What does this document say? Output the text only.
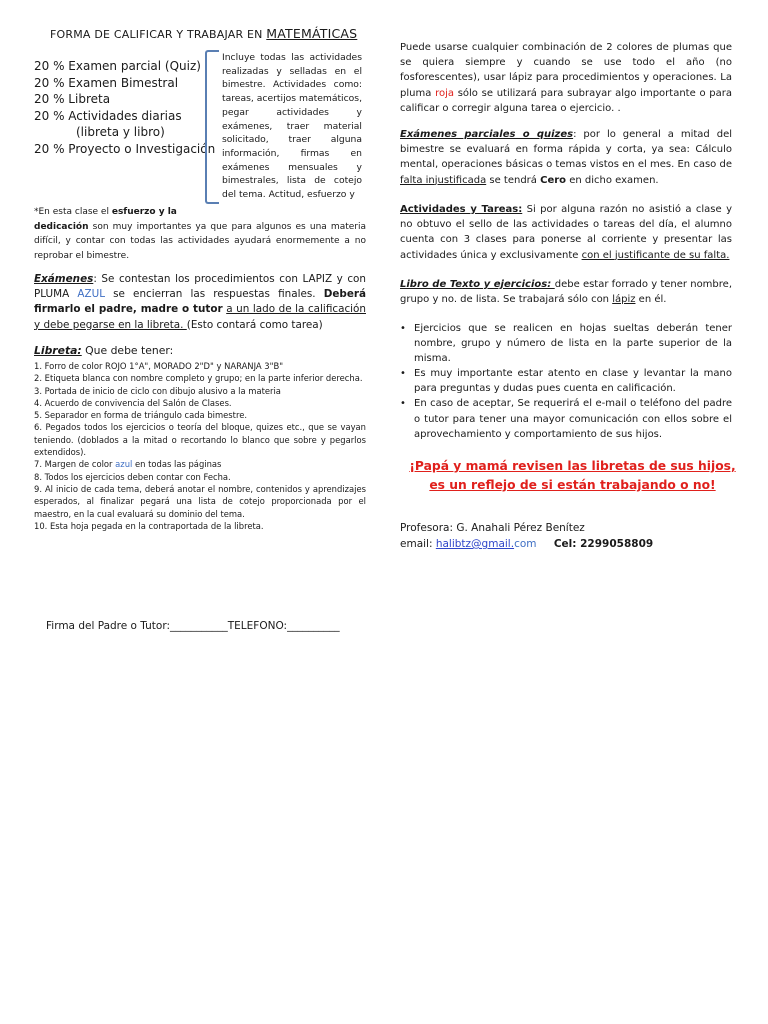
FORMA DE CALIFICAR Y TRABAJAR EN MATEMÁTICAS
20 % Examen parcial (Quiz)
20 % Examen Bimestral
20 % Libreta
20 % Actividades diarias
(libreta y libro)
20 % Proyecto o Investigación
Incluye todas las actividades realizadas y selladas en el bimestre. Actividades como: tareas, acertijos matemáticos, pegar actividades y exámenes, traer material solicitado, traer alguna información, firmas en exámenes mensuales y bimestrales, lista de cotejo del tema. Actitud, esfuerzo y
*En esta clase el esfuerzo y la
dedicación son muy importantes ya que para algunos es una materia difícil, y contar con todas las actividades ayudará enormemente a no reprobar el bimestre.
Exámenes: Se contestan los procedimientos con LAPIZ y con PLUMA AZUL se encierran las respuestas finales. Deberá firmarlo el padre, madre o tutor a un lado de la calificación y debe pegarse en la libreta. (Esto contará como tarea)
Libreta: Que debe tener:
1. Forro de color ROJO 1°A", MORADO 2"D" y NARANJA 3"B"
2. Etiqueta blanca con nombre completo y grupo; en la parte inferior derecha.
3. Portada de inicio de ciclo con dibujo alusivo a la materia
4. Acuerdo de convivencia del Salón de Clases.
5. Separador en forma de triángulo cada bimestre.
6. Pegados todos los ejercicios o teoría del bloque, quizes etc., que se vayan teniendo. (doblados a la mitad o recortando lo blanco que sobre y pegarlos extendidos).
7. Margen de color azul en todas las páginas
8. Todos los ejercicios deben contar con Fecha.
9. Al inicio de cada tema, deberá anotar el nombre, contenidos y aprendizajes esperados, al finalizar pegará una lista de cotejo proporcionada por el maestro, en la cual evaluará su dominio del tema.
10. Esta hoja pegada en la contraportada de la libreta.
Firma del Padre o Tutor:___________TELEFONO:__________
Puede usarse cualquier combinación de 2 colores de plumas que se quiera siempre y cuando se use todo el año (no fosforescentes), usar lápiz para procedimientos y operaciones. La pluma roja sólo se utilizará para subrayar algo importante o para calificar o corregir alguna tarea o ejercicio. .
Exámenes parciales o quizes: por lo general a mitad del bimestre se evaluará en forma rápida y corta, ya sea: Cálculo mental, operaciones básicas o temas vistos en el mes. En caso de falta injustificada se tendrá Cero en dicho examen.
Actividades y Tareas: Si por alguna razón no asistió a clase y no obtuvo el sello de las actividades o tareas del día, el alumno cuenta con 3 clases para ponerse al corriente y presentar las actividades única y exclusivamente con el justificante de su falta.
Libro de Texto y ejercicios: debe estar forrado y tener nombre, grupo y no. de lista. Se trabajará sólo con lápiz en él.
• Ejercicios que se realicen en hojas sueltas deberán tener nombre, grupo y número de lista en la parte superior de la misma.
• Es muy importante estar atento en clase y levantar la mano para preguntas y dudas pues cuenta en calificación.
• En caso de aceptar, Se requerirá el e-mail o teléfono del padre o tutor para tener una mayor comunicación con ellos sobre el aprovechamiento y comportamiento de sus hijos.
¡Papá y mamá revisen las libretas de sus hijos,
es un reflejo de si están trabajando o no!
Profesora: G. Anahali Pérez Benítez
email: halibtz@gmail.com Cel: 2299058809
